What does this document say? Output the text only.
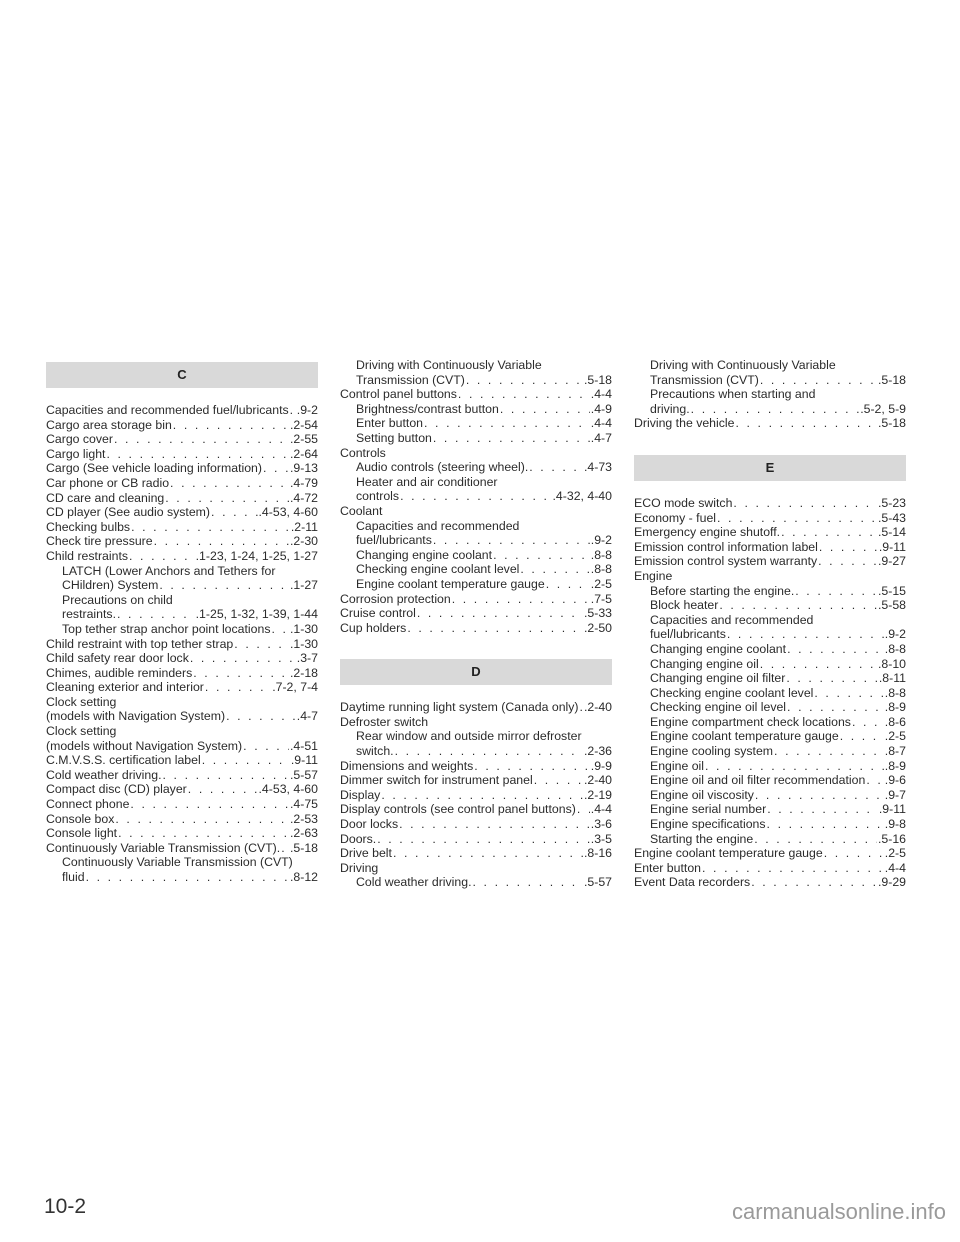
C
Capacities and recommended fuel/lubricants . . . .9-2
Cargo area storage bin . . .	.2-54
Cargo cover . . .	.2-55
Cargo light . . .	.2-64
Cargo (See vehicle loading information) . . . .9-13
Car phone or CB radio . . .	.4-79
CD care and cleaning . . .	.4-72
CD player (See audio system) . . .	.4-53, 4-60
Checking bulbs . . .	.2-11
Check tire pressure . . .	.2-30
Child restraints . . .	.1-23, 1-24, 1-25, 1-27
LATCH (Lower Anchors and Tethers for
CHildren) System . . .	.1-27
Precautions on child
restraints. . . .	.1-25, 1-32, 1-39, 1-44
Top tether strap anchor point locations . . . .1-30
Child restraint with top tether strap . . .	.1-30
Child safety rear door lock . . .	.3-7
Chimes, audible reminders . . .	.2-18
Cleaning exterior and interior . . .	.7-2, 7-4
Clock setting
(models with Navigation System) . . .	.4-7
Clock setting
(models without Navigation System) . . .	.4-51
C.M.V.S.S. certification label . . .	.9-11
Cold weather driving. . . .	.5-57
Compact disc (CD) player . . .	.4-53, 4-60
Connect phone . . .	.4-75
Console box . . .	.2-53
Console light . . .	.2-63
Continuously Variable Transmission (CVT). . . . .5-18
Continuously Variable Transmission (CVT)
fluid . . .	.8-12
Driving with Continuously Variable
Transmission (CVT) . . .	.5-18
Control panel buttons . . .	.4-4
Brightness/contrast button . . .	.4-9
Enter button . . .	.4-4
Setting button . . .	.4-7
Controls
Audio controls (steering wheel). . . .	.4-73
Heater and air conditioner
controls . . .	.4-32, 4-40
Coolant
Capacities and recommended
fuel/lubricants . . .	.9-2
Changing engine coolant . . .	.8-8
Checking engine coolant level . . .	.8-8
Engine coolant temperature gauge . . .	.2-5
Corrosion protection . . .	.7-5
Cruise control . . .	.5-33
Cup holders . . .	.2-50
D
Daytime running light system (Canada only) . . . .2-40
Defroster switch
Rear window and outside mirror defroster
switch. . . .	.2-36
Dimensions and weights . . .	.9-9
Dimmer switch for instrument panel . . .	.2-40
Display . . .	.2-19
Display controls (see control panel buttons) . . . .4-4
Door locks . . .	.3-6
Doors. . . .	.3-5
Drive belt . . .	.8-16
Driving
Cold weather driving. . . .	.5-57
Driving with Continuously Variable
Transmission (CVT) . . .	.5-18
Precautions when starting and
driving. . . .	.5-2, 5-9
Driving the vehicle . . .	.5-18
E
ECO mode switch . . .	.5-23
Economy - fuel . . .	.5-43
Emergency engine shutoff. . . .	.5-14
Emission control information label . . .	.9-11
Emission control system warranty . . .	.9-27
Engine
Before starting the engine. . . .	.5-15
Block heater . . .	.5-58
Capacities and recommended
fuel/lubricants . . .	.9-2
Changing engine coolant . . .	.8-8
Changing engine oil . . .	.8-10
Changing engine oil filter . . .	.8-11
Checking engine coolant level . . .	.8-8
Checking engine oil level . . .	.8-9
Engine compartment check locations . . .	.8-6
Engine coolant temperature gauge . . .	.2-5
Engine cooling system . . .	.8-7
Engine oil . . .	.8-9
Engine oil and oil filter recommendation . . . .9-6
Engine oil viscosity . . .	.9-7
Engine serial number . . .	.9-11
Engine specifications . . .	.9-8
Starting the engine . . .	.5-16
Engine coolant temperature gauge . . .	.2-5
Enter button . . .	.4-4
Event Data recorders . . .	.9-29
10-2	carmanualsonline.info
